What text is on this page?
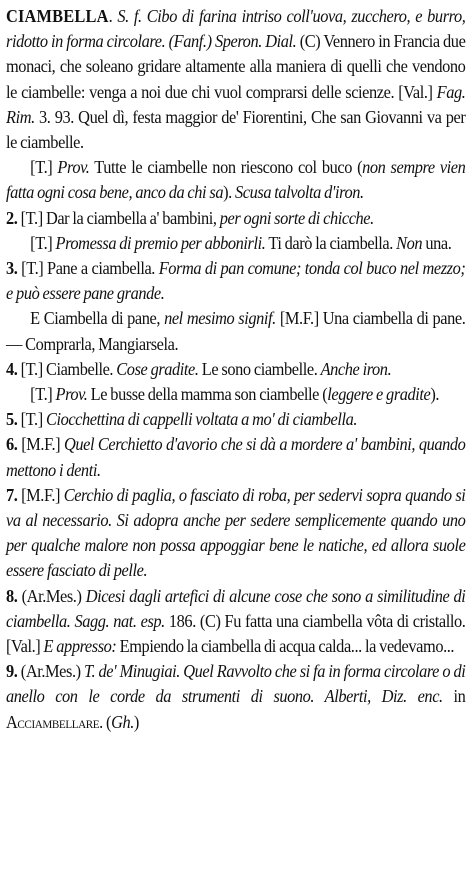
CIAMBELLA. S. f. Cibo di farina intriso coll'uova, zucchero, e burro, ridotto in forma circolare. (Fanf.) Speron. Dial. (C) Vennero in Francia due monaci, che soleano gridare altamente alla maniera di quelli che vendono le ciambelle: venga a noi due chi vuol comprarsi delle scienze. [Val.] Fag. Rim. 3. 93. Quel dì, festa maggior de' Fiorentini, Che san Giovanni va per le ciambelle.

[T.] Prov. Tutte le ciambelle non riescono col buco (non sempre vien fatta ogni cosa bene, anco da chi sa). Scusa talvolta d'iron.

2. [T.] Dar la ciambella a' bambini, per ogni sorte di chicche.

[T.] Promessa di premio per abbonirli. Ti darò la ciambella. Non una.

3. [T.] Pane a ciambella. Forma di pan comune; tonda col buco nel mezzo; e può essere pane grande.

E Ciambella di pane, nel mesimo signif. [M.F.] Una ciambella di pane. — Comprarla, Mangiarsela.

4. [T.] Ciambelle. Cose gradite. Le sono ciambelle. Anche iron.

[T.] Prov. Le busse della mamma son ciambelle (leggere e gradite).

5. [T.] Ciocchettina di cappelli voltata a mo' di ciambella.

6. [M.F.] Quel Cerchietto d'avorio che si dà a mordere a' bambini, quando mettono i denti.

7. [M.F.] Cerchio di paglia, o fasciato di roba, per sedervi sopra quando si va al necessario. Si adopra anche per sedere semplicemente quando uno per qualche malore non possa appoggiar bene le natiche, ed allora suole essere fasciato di pelle.

8. (Ar.Mes.) Dicesi dagli artefici di alcune cose che sono a similitudine di ciambella. Sagg. nat. esp. 186. (C) Fu fatta una ciambella vôta di cristallo. [Val.] E appresso: Empiendo la ciambella di acqua calda... la vedevamo...

9. (Ar.Mes.) T. de' Minugiai. Quel Ravvolto che si fa in forma circolare o di anello con le corde da strumenti di suono. Alberti, Diz. enc. in Acciambellare. (Gh.)
